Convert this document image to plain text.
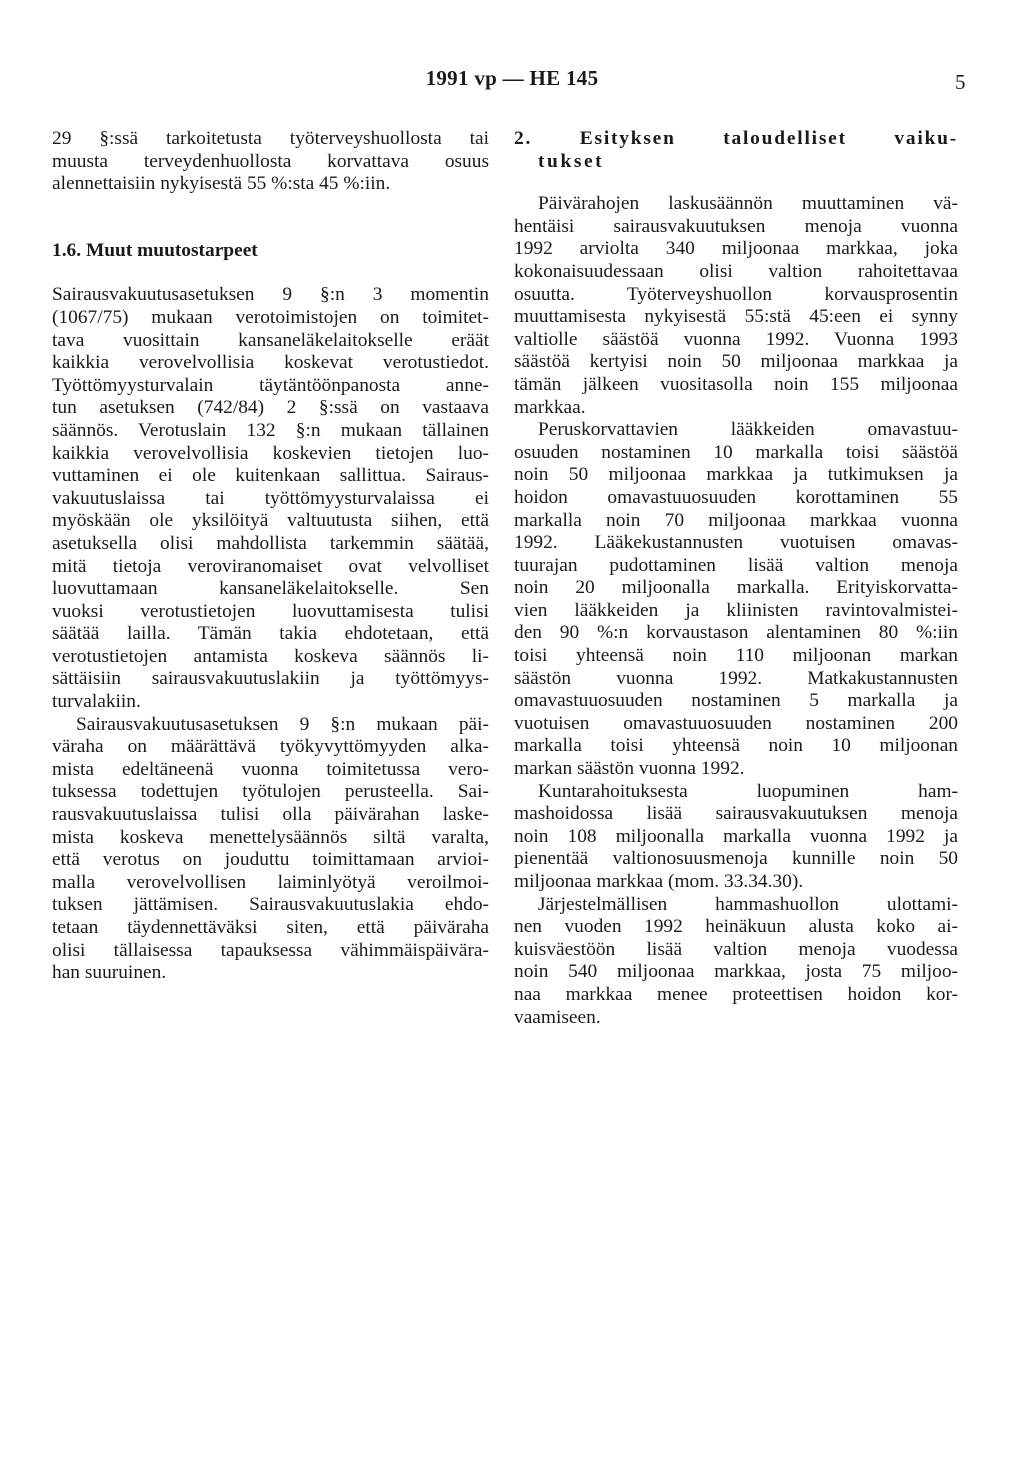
1991 vp — HE 145	5
29 §:ssä tarkoitetusta työterveyshuollosta tai
muusta terveydenhuollosta korvattava osuus
alennettaisiin nykyisestä 55 %:sta 45 %:iin.
1.6. Muut muutostarpeet
Sairausvakuutusasetuksen 9 §:n 3 momentin
(1067/75) mukaan verotoimistojen on toimitet-
tava vuosittain kansaneläkelaitokselle eräät
kaikkia verovelvollisia koskevat verotustiedot.
Työttömyysturvalain täytäntöönpanosta anne-
tun asetuksen (742/84) 2 §:ssä on vastaava
säännös. Verotuslain 132 §:n mukaan tällainen
kaikkia verovelvollisia koskevien tietojen luo-
vuttaminen ei ole kuitenkaan sallittua. Sairaus-
vakuutuslaissa tai työttömyysturvalaissa ei
myöskään ole yksilöityä valtuutusta siihen, että
asetuksella olisi mahdollista tarkemmin säätää,
mitä tietoja veroviranomaiset ovat velvolliset
luovuttamaan kansaneläkelaitokselle. Sen
vuoksi verotustietojen luovuttamisesta tulisi
säätää lailla. Tämän takia ehdotetaan, että
verotustietojen antamista koskeva säännös li-
sättäisiin sairausvakuutuslakiin ja työttömyys-
turvalakiin.
Sairausvakuutusasetuksen 9 §:n mukaan päi-
väraha on määrättävä työkyvyttömyyden alka-
mista edeltäneenä vuonna toimitetussa vero-
tuksessa todettujen työtulojen perusteella. Sai-
rausvakuutuslaissa tulisi olla päivärahan laske-
mista koskeva menettelysäännös siltä varalta,
että verotus on jouduttu toimittamaan arvioi-
malla verovelvollisen laiminlyötyä veroilmoi-
tuksen jättämisen. Sairausvakuutuslakia ehdo-
tetaan täydennettäväksi siten, että päiväraha
olisi tällaisessa tapauksessa vähimmäispäivära-
han suuruinen.
2. Esityksen taloudelliset vaiku-
tukset
Päivärahojen laskusäännön muuttaminen vä-
hentäisi sairausvakuutuksen menoja vuonna
1992 arviolta 340 miljoonaa markkaa, joka
kokonaisuudessaan olisi valtion rahoitettavaa
osuutta. Työterveyshuollon korvausprosentin
muuttamisesta nykyisestä 55:stä 45:een ei synny
valtiolle säästöä vuonna 1992. Vuonna 1993
säästöä kertyisi noin 50 miljoonaa markkaa ja
tämän jälkeen vuositasolla noin 155 miljoonaa
markkaa.
Peruskorvattavien lääkkeiden omavastuu-
osuuden nostaminen 10 markalla toisi säästöä
noin 50 miljoonaa markkaa ja tutkimuksen ja
hoidon omavastuuosuuden korottaminen 55
markalla noin 70 miljoonaa markkaa vuonna
1992. Lääkekustannusten vuotuisen omavas-
tuurajan pudottaminen lisää valtion menoja
noin 20 miljoonalla markalla. Erityiskorvatta-
vien lääkkeiden ja kliinisten ravintovalmistei-
den 90 %:n korvaustason alentaminen 80 %:iin
toisi yhteensä noin 110 miljoonan markan
säästön vuonna 1992. Matkakustannusten
omavastuuosuuden nostaminen 5 markalla ja
vuotuisen omavastuuosuuden nostaminen 200
markalla toisi yhteensä noin 10 miljoonan
markan säästön vuonna 1992.
Kuntarahoituksesta luopuminen ham-
mashoidossa lisää sairausvakuutuksen menoja
noin 108 miljoonalla markalla vuonna 1992 ja
pienentää valtionosuusmenoja kunnille noin 50
miljoonaa markkaa (mom. 33.34.30).
Järjestelmällisen hammashuollon ulottami-
nen vuoden 1992 heinäkuun alusta koko ai-
kuisväestöön lisää valtion menoja vuodessa
noin 540 miljoonaa markkaa, josta 75 miljoo-
naa markkaa menee proteettisen hoidon kor-
vaamiseen.
